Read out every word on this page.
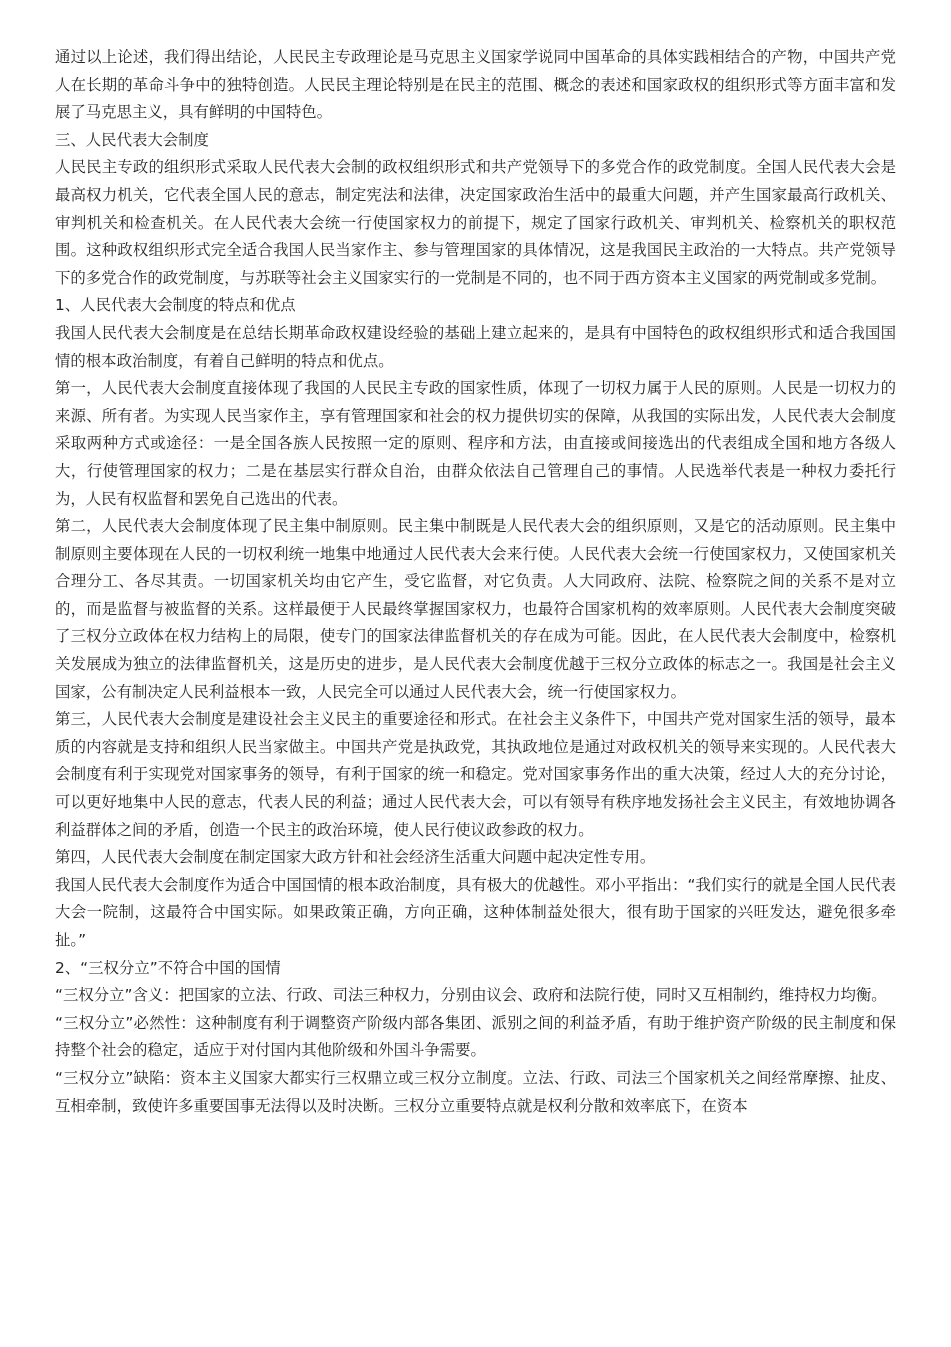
通过以上论述，我们得出结论，人民民主专政理论是马克思主义国家学说同中国革命的具体实践相结合的产物，中国共产党人在长期的革命斗争中的独特创造。人民民主理论特别是在民主的范围、概念的表述和国家政权的组织形式等方面丰富和发展了马克思主义，具有鲜明的中国特色。

三、人民代表大会制度

人民民主专政的组织形式采取人民代表大会制的政权组织形式和共产党领导下的多党合作的政党制度。全国人民代表大会是最高权力机关，它代表全国人民的意志，制定宪法和法律，决定国家政治生活中的最重大问题，并产生国家最高行政机关、审判机关和检查机关。在人民代表大会统一行使国家权力的前提下，规定了国家行政机关、审判机关、检察机关的职权范围。这种政权组织形式完全适合我国人民当家作主、参与管理国家的具体情况，这是我国民主政治的一大特点。共产党领导下的多党合作的政党制度，与苏联等社会主义国家实行的一党制是不同的，也不同于西方资本主义国家的两党制或多党制。

1、人民代表大会制度的特点和优点

我国人民代表大会制度是在总结长期革命政权建设经验的基础上建立起来的，是具有中国特色的政权组织形式和适合我国国情的根本政治制度，有着自己鲜明的特点和优点。

第一，人民代表大会制度直接体现了我国的人民民主专政的国家性质，体现了一切权力属于人民的原则。人民是一切权力的来源、所有者。为实现人民当家作主，享有管理国家和社会的权力提供切实的保障，从我国的实际出发，人民代表大会制度采取两种方式或途径：一是全国各族人民按照一定的原则、程序和方法，由直接或间接选出的代表组成全国和地方各级人大，行使管理国家的权力；二是在基层实行群众自治，由群众依法自己管理自己的事情。人民选举代表是一种权力委托行为，人民有权监督和罢免自己选出的代表。

第二，人民代表大会制度体现了民主集中制原则。民主集中制既是人民代表大会的组织原则，又是它的活动原则。民主集中制原则主要体现在人民的一切权利统一地集中地通过人民代表大会来行使。人民代表大会统一行使国家权力，又使国家机关合理分工、各尽其责。一切国家机关均由它产生，受它监督，对它负责。人大同政府、法院、检察院之间的关系不是对立的，而是监督与被监督的关系。这样最便于人民最终掌握国家权力，也最符合国家机构的效率原则。人民代表大会制度突破了三权分立政体在权力结构上的局限，使专门的国家法律监督机关的存在成为可能。因此，在人民代表大会制度中，检察机关发展成为独立的法律监督机关，这是历史的进步，是人民代表大会制度优越于三权分立政体的标志之一。我国是社会主义国家，公有制决定人民利益根本一致，人民完全可以通过人民代表大会，统一行使国家权力。

第三，人民代表大会制度是建设社会主义民主的重要途径和形式。在社会主义条件下，中国共产党对国家生活的领导，最本质的内容就是支持和组织人民当家做主。中国共产党是执政党，其执政地位是通过对政权机关的领导来实现的。人民代表大会制度有利于实现党对国家事务的领导，有利于国家的统一和稳定。党对国家事务作出的重大决策，经过人大的充分讨论，可以更好地集中人民的意志，代表人民的利益；通过人民代表大会，可以有领导有秩序地发扬社会主义民主，有效地协调各利益群体之间的矛盾，创造一个民主的政治环境，使人民行使议政参政的权力。

第四，人民代表大会制度在制定国家大政方针和社会经济生活重大问题中起决定性专用。

我国人民代表大会制度作为适合中国国情的根本政治制度，具有极大的优越性。邓小平指出：“我们实行的就是全国人民代表大会一院制，这最符合中国实际。如果政策正确，方向正确，这种体制益处很大，很有助于国家的兴旺发达，避免很多牵扯。”

2、“三权分立”不符合中国的国情

“三权分立”含义：把国家的立法、行政、司法三种权力，分别由议会、政府和法院行使，同时又互相制约，维持权力均衡。

“三权分立”必然性：这种制度有利于调整资产阶级内部各集团、派别之间的利益矛盾，有助于维护资产阶级的民主制度和保持整个社会的稳定，适应于对付国内其他阶级和外国斗争需要。

“三权分立”缺陷：资本主义国家大都实行三权鼎立或三权分立制度。立法、行政、司法三个国家机关之间经常摩擦、扯皮、互相牵制，致使许多重要国事无法得以及时决断。三权分立重要特点就是权利分散和效率底下，在资本
